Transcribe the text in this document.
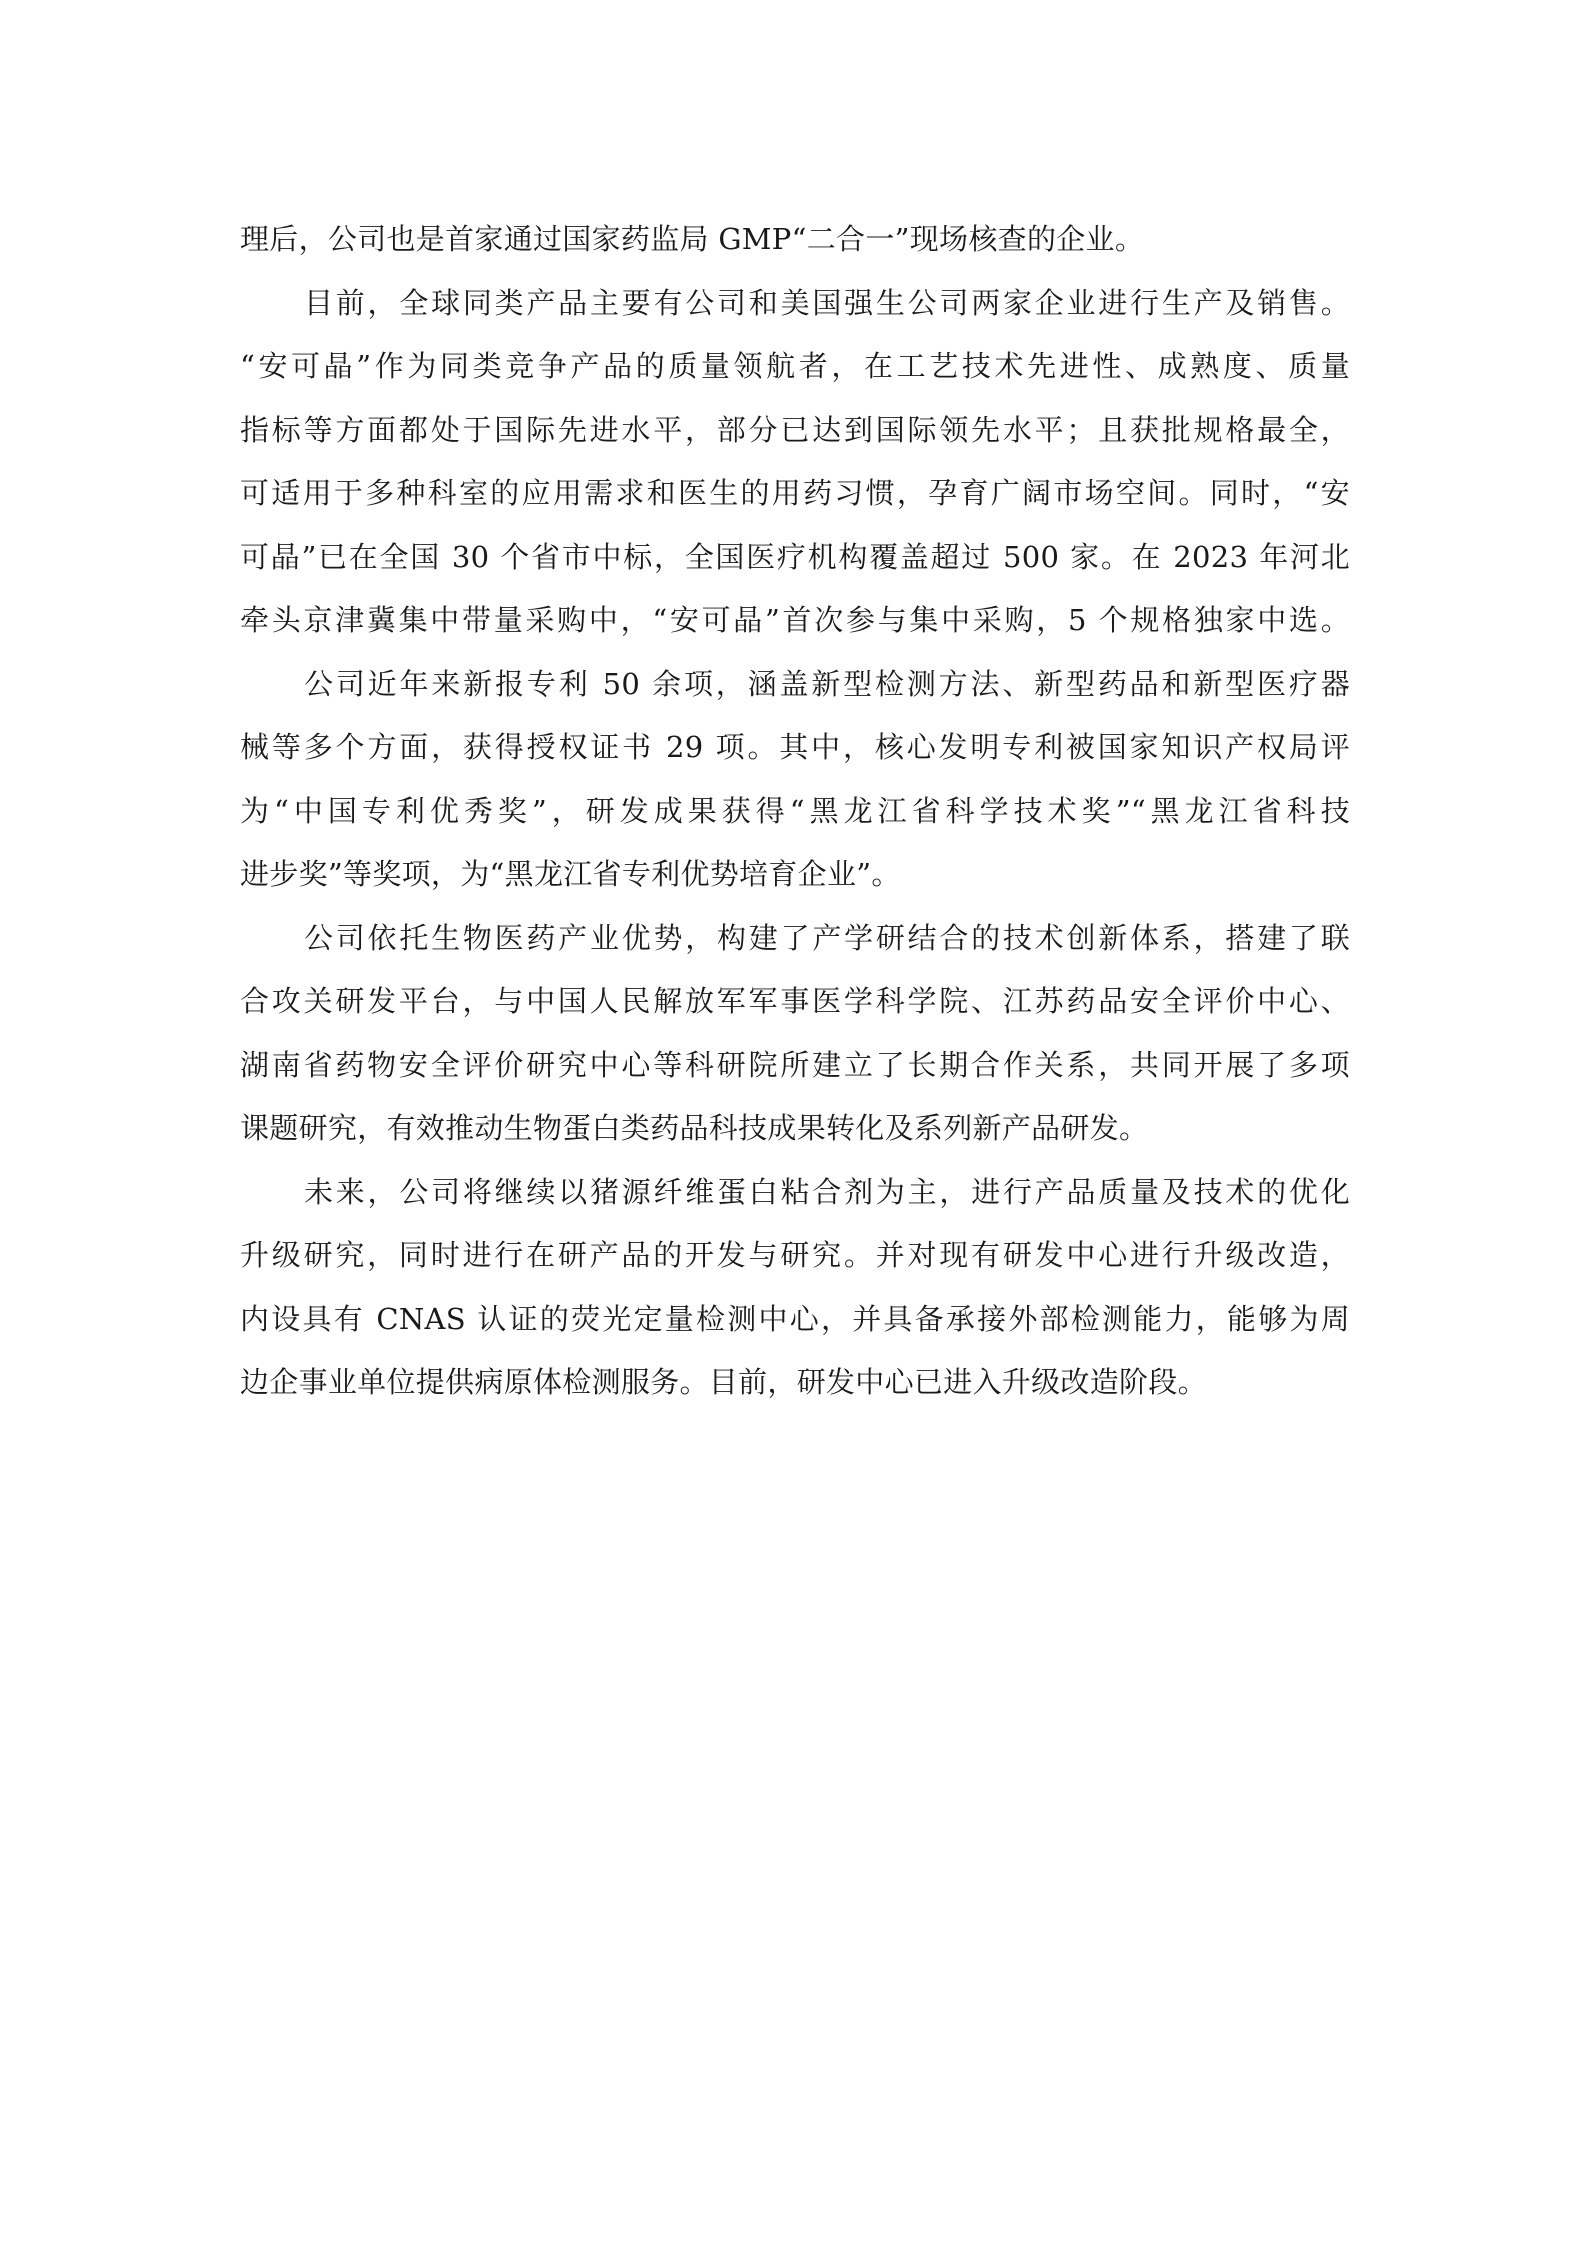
理后，公司也是首家通过国家药监局 GMP“二合一”现场核查的企业。

目前，全球同类产品主要有公司和美国强生公司两家企业进行生产及销售。
“安可晶”作为同类竞争产品的质量领航者，在工艺技术先进性、成熟度、质量
指标等方面都处于国际先进水平，部分已达到国际领先水平；且获批规格最全，
可适用于多种科室的应用需求和医生的用药习惯，孕育广阔市场空间。同时，“安
可晶”已在全国 30 个省市中标，全国医疗机构覆盖超过 500 家。在 2023 年河北
牵头京津冀集中带量采购中，“安可晶”首次参与集中采购，5 个规格独家中选。

公司近年来新报专利 50 余项，涵盖新型检测方法、新型药品和新型医疗器
械等多个方面，获得授权证书 29 项。其中，核心发明专利被国家知识产权局评
为“中国专利优秀奖”，研发成果获得“黑龙江省科学技术奖”“黑龙江省科技
进步奖”等奖项，为“黑龙江省专利优势培育企业”。

公司依托生物医药产业优势，构建了产学研结合的技术创新体系，搭建了联
合攻关研发平台，与中国人民解放军军事医学科学院、江苏药品安全评价中心、
湖南省药物安全评价研究中心等科研院所建立了长期合作关系，共同开展了多项
课题研究，有效推动生物蛋白类药品科技成果转化及系列新产品研发。

未来，公司将继续以猪源纤维蛋白粘合剂为主，进行产品质量及技术的优化
升级研究，同时进行在研产品的开发与研究。并对现有研发中心进行升级改造，
内设具有 CNAS 认证的荧光定量检测中心，并具备承接外部检测能力，能够为周
边企事业单位提供病原体检测服务。目前，研发中心已进入升级改造阶段。
